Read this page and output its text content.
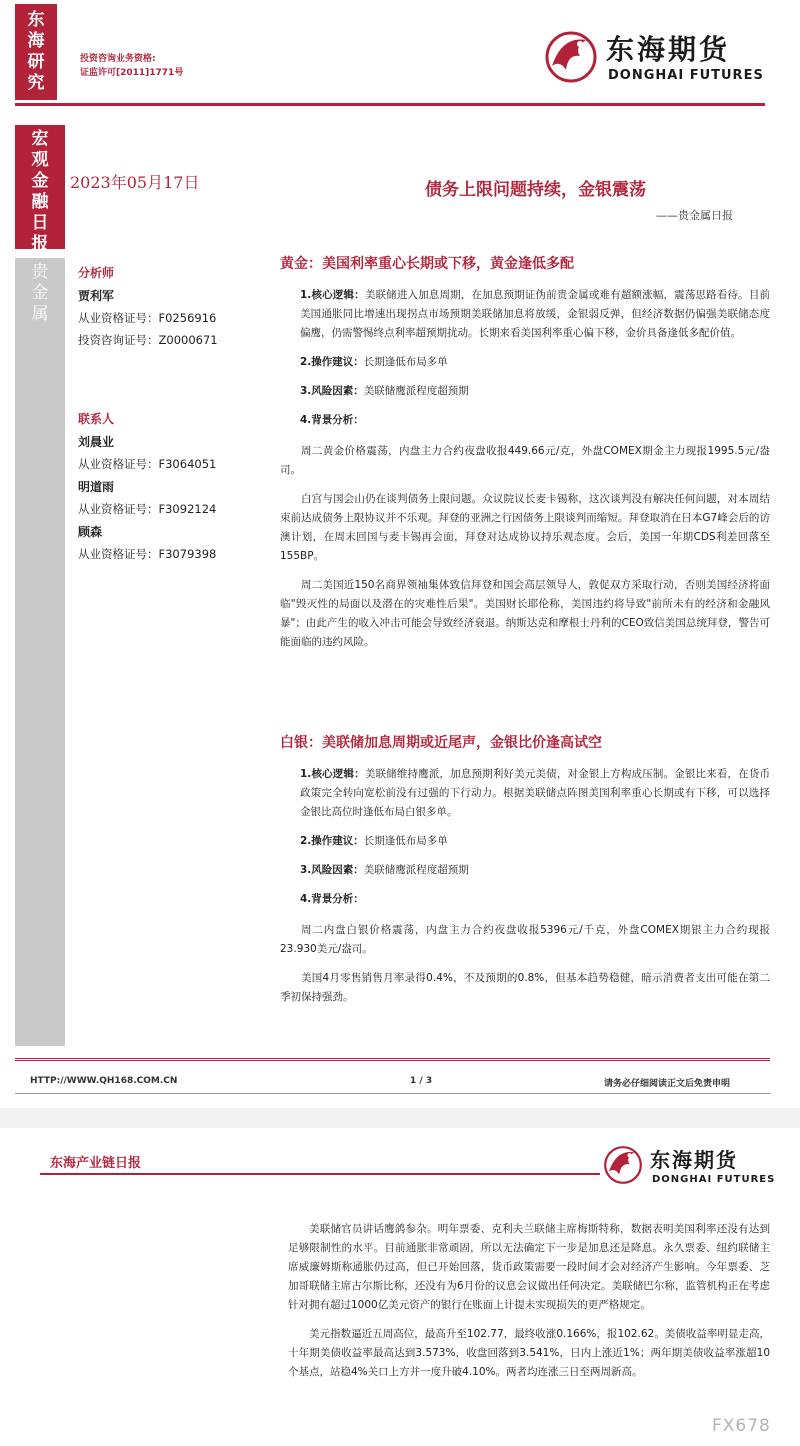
东海研究
投资咨询业务资格:
证监许可[2011]1771号
东海期货
DONGHAI FUTURES
宏观金融日报
贵金属
2023年05月17日	债务上限问题持续，金银震荡
——贵金属日报
分析师
贾利军
从业资格证号：F0256916
投资咨询证号：Z0000671
联系人
刘晨业
从业资格证号：F3064051
明道雨
从业资格证号：F3092124
顾森
从业资格证号：F3079398
黄金：美国利率重心长期或下移，黄金逢低多配
1.核心逻辑：美联储进入加息周期，在加息预期证伪前贵金属或难有超额涨幅，震荡思路看待。目前美国通胀同比增速出现拐点市场预期美联储加息将放缓，金银弱反弹，但经济数据仍偏强美联储态度偏鹰，仍需警惕终点利率超预期扰动。长期来看美国利率重心偏下移，金价具备逢低多配价值。
2.操作建议：长期逢低布局多单
3.风险因素：美联储鹰派程度超预期
4.背景分析：
周二黄金价格震荡，内盘主力合约夜盘收报449.66元/克，外盘COMEX期金主力现报1995.5元/盎司。
白宫与国会山仍在谈判债务上限问题。众议院议长麦卡锡称，这次谈判没有解决任何问题，对本周结束前达成债务上限协议并不乐观。拜登的亚洲之行因债务上限谈判而缩短。拜登取消在日本G7峰会后的访澳计划，在周末回国与麦卡锡再会面，拜登对达成协议持乐观态度。会后，美国一年期CDS利差回落至155BP。
周二美国近150名商界领袖集体致信拜登和国会高层领导人，敦促双方采取行动，否则美国经济将面临"毁灭性的局面以及潜在的灾难性后果"。美国财长耶伦称，美国违约将导致"前所未有的经济和金融风暴"；由此产生的收入冲击可能会导致经济衰退。纳斯达克和摩根士丹利的CEO致信美国总统拜登，警告可能面临的违约风险。
白银：美联储加息周期或近尾声，金银比价逢高试空
1.核心逻辑：美联储维持鹰派，加息预期利好美元美债，对金银上方构成压制。金银比来看，在货币政策完全转向宽松前没有过强的下行动力。根据美联储点阵图美国利率重心长期或有下移，可以选择金银比高位时逢低布局白银多单。
2.操作建议：长期逢低布局多单
3.风险因素：美联储鹰派程度超预期
4.背景分析：
周二内盘白银价格震荡，内盘主力合约夜盘收报5396元/千克，外盘COMEX期银主力合约现报23.930美元/盎司。
美国4月零售销售月率录得0.4%，不及预期的0.8%，但基本趋势稳健，暗示消费者支出可能在第二季初保持强劲。
HTTP://WWW.QH168.COM.CN	1 / 3	请务必仔细阅读正文后免责申明
东海产业链日报	东海期货
DONGHAI FUTURES
美联储官员讲话鹰鸽参杂。明年票委、克利夫兰联储主席梅斯特称，数据表明美国利率还没有达到足够限制性的水平。目前通胀非常顽固，所以无法确定下一步是加息还是降息。永久票委、纽约联储主席威廉姆斯称通胀仍过高，但已开始回落，货币政策需要一段时间才会对经济产生影响。今年票委、芝加哥联储主席古尔斯比称，还没有为6月份的议息会议做出任何决定。美联储巴尔称，监管机构正在考虑针对拥有超过1000亿美元资产的银行在账面上计提未实现损失的更严格规定。
美元指数逼近五周高位，最高升至102.77，最终收涨0.166%，报102.62。美债收益率明显走高，十年期美债收益率最高达到3.573%，收盘回落到3.541%，日内上涨近1%；两年期美债收益率涨超10个基点，站稳4%关口上方并一度升破4.10%。两者均连涨三日至两周新高。
FX678
